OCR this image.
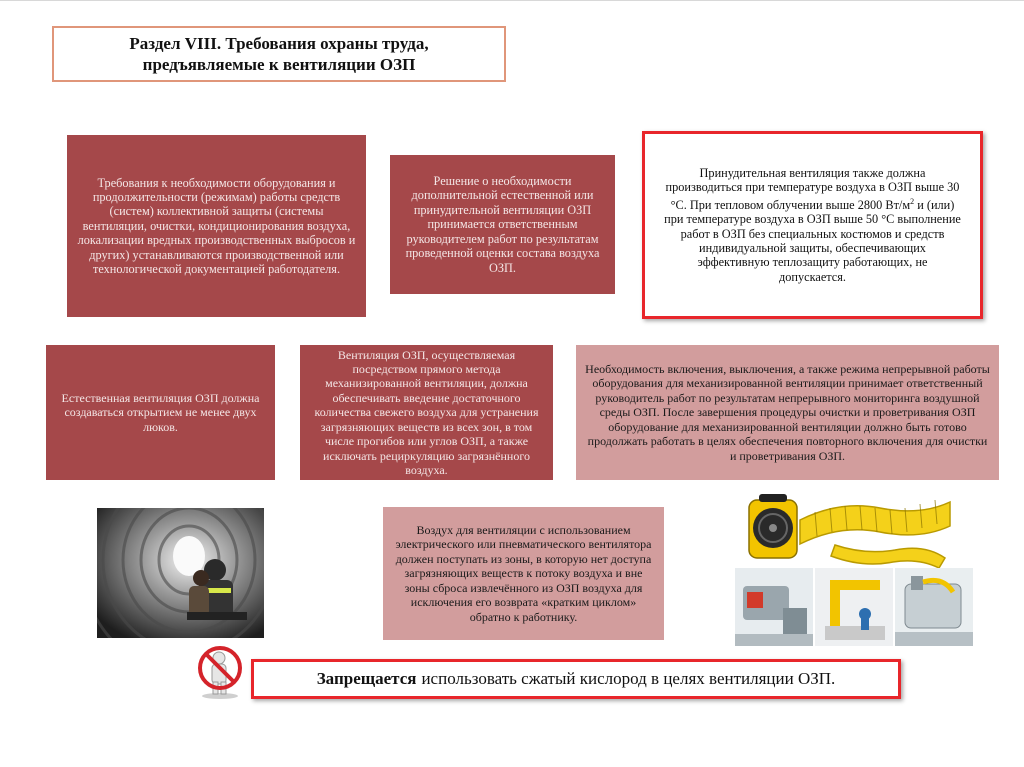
Раздел VIII. Требования охраны труда,
предъявляемые к вентиляции ОЗП

Требования к необходимости оборудования и продолжительности (режимам) работы средств (систем) коллективной защиты (системы вентиляции, очистки, кондиционирования воздуха, локализации вредных производственных выбросов и других) устанавливаются производственной или технологической документацией работодателя.

Решение о необходимости дополнительной естественной или принудительной вентиляции ОЗП принимается ответственным руководителем работ по результатам проведенной оценки состава воздуха ОЗП.

Принудительная вентиляция также должна производиться при температуре воздуха в ОЗП выше 30 °С. При тепловом облучении выше 2800 $Вт/м^2$ и (или) при температуре воздуха в ОЗП выше 50 °С выполнение работ в ОЗП без специальных костюмов и средств индивидуальной защиты, обеспечивающих эффективную теплозащиту работающих, не допускается.

Естественная вентиляция ОЗП должна создаваться открытием не менее двух люков.

Вентиляция ОЗП, осуществляемая посредством прямого метода механизированной вентиляции, должна обеспечивать введение достаточного количества свежего воздуха для устранения загрязняющих веществ из всех зон, в том числе прогибов или углов ОЗП, а также исключать рециркуляцию загрязнённого воздуха.

Необходимость включения, выключения, а также режима непрерывной работы оборудования для механизированной вентиляции принимает ответственный руководитель работ по результатам непрерывного мониторинга воздушной среды ОЗП. После завершения процедуры очистки и проветривания ОЗП оборудование для механизированной вентиляции должно быть готово продолжать работать в целях обеспечения повторного включения для очистки и проветривания ОЗП.

Воздух для вентиляции с использованием электрического или пневматического вентилятора должен поступать из зоны, в которую нет доступа загрязняющих веществ к потоку воздуха и вне зоны сброса извлечённого из ОЗП воздуха для исключения его возврата «кратким циклом» обратно к работнику.

Запрещается использовать сжатый кислород в целях вентиляции ОЗП.
